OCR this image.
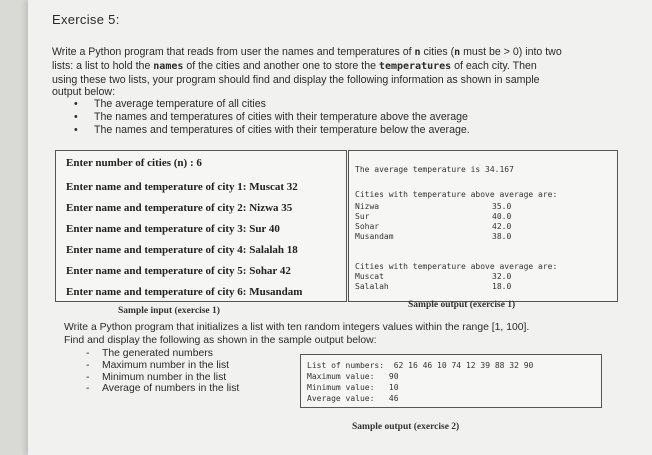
Exercise 5:
Write a Python program that reads from user the names and temperatures of n cities (n must be > 0) into two lists: a list to hold the names of the cities and another one to store the temperatures of each city. Then using these two lists, your program should find and display the following information as shown in sample output below:
• The average temperature of all cities
• The names and temperatures of cities with their temperature above the average
• The names and temperatures of cities with their temperature below the average.
Enter number of cities (n) : 6
Enter name and temperature of city 1: Muscat 32
Enter name and temperature of city 2: Nizwa 35
Enter name and temperature of city 3: Sur 40
Enter name and temperature of city 4: Salalah 18
Enter name and temperature of city 5: Sohar 42
Enter name and temperature of city 6: Musandam
The average temperature is 34.167
Cities with temperature above average are:
Nizwa	35.0
Sur	40.0
Sohar	42.0
Musandam	38.0
Cities with temperature above average are:
Muscat	32.0
Salalah	18.0
Sample input (exercise 1)
Sample output (exercise 1)
Write a Python program that initializes a list with ten random integers values within the range [1, 100]. Find and display the following as shown in the sample output below:
- The generated numbers
- Maximum number in the list
- Minimum number in the list
- Average of numbers in the list
List of numbers:  62 16 46 10 74 12 39 88 32 90
Maximum value:   90
Minimum value:   10
Average value:   46
Sample output (exercise 2)
